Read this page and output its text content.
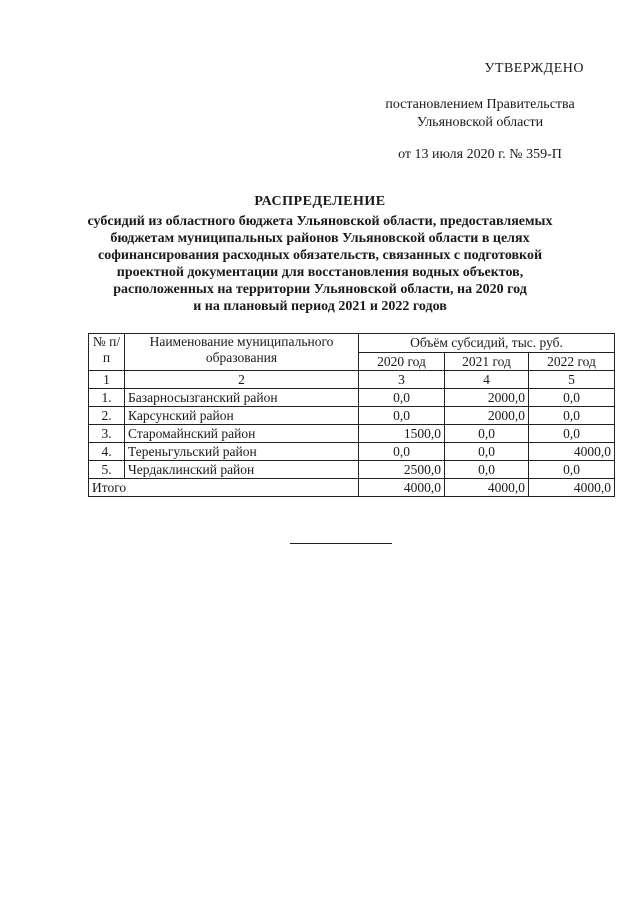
УТВЕРЖДЕНО
постановлением Правительства
Ульяновской области
от 13 июля 2020 г. № 359-П
РАСПРЕДЕЛЕНИЕ
субсидий из областного бюджета Ульяновской области, предоставляемых
бюджетам муниципальных районов Ульяновской области в целях
софинансирования расходных обязательств, связанных с подготовкой
проектной документации для восстановления водных объектов,
расположенных на территории Ульяновской области, на 2020 год
и на плановый период 2021 и 2022 годов
№ п/п	Наименование муниципального образования	Объём субсидий, тыс. руб.		
		2020 год	2021 год	2022 год
1	2	3	4	5
1.	Базарносызганский район	0,0	2000,0	0,0
2.	Карсунский район	0,0	2000,0	0,0
3.	Старомайнский район	1500,0	0,0	0,0
4.	Тереньгульский район	0,0	0,0	4000,0
5.	Чердаклинский район	2500,0	0,0	0,0
Итого		4000,0	4000,0	4000,0
